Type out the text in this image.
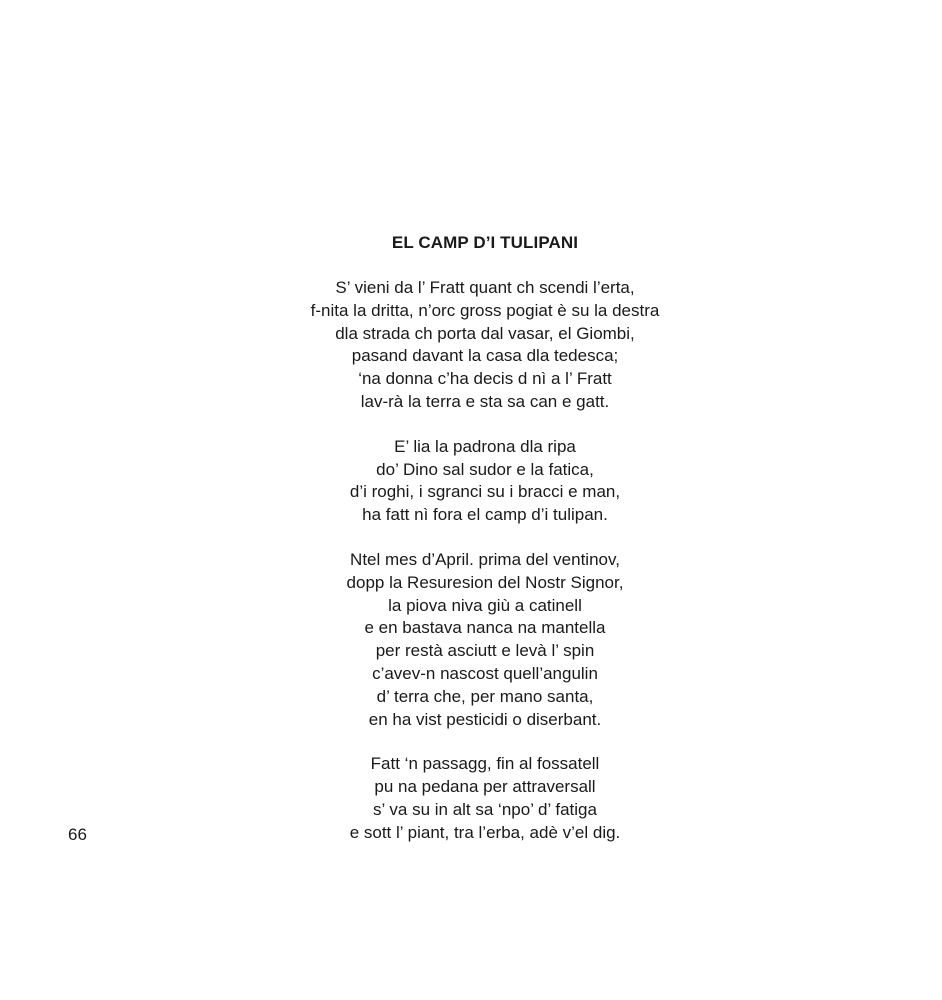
EL CAMP D’I TULIPANI
S’ vieni da l’ Fratt quant ch scendi l’erta,
f-nita la dritta, n’orc gross pogiat è su la destra
dla strada ch porta dal vasar, el Giombi,
pasand davant la casa dla tedesca;
‘na donna c’ha decis d nì a l’ Fratt
lav-rà la terra e sta sa can e gatt.
E’ lia la padrona dla ripa
do’ Dino sal sudor e la fatica,
d’i roghi, i sgranci su i bracci e man,
ha fatt nì fora el camp d’i tulipan.
Ntel mes d’April. prima del ventinov,
dopp la Resuresion del Nostr Signor,
la piova niva giù a catinell
e en bastava nanca na mantella
per restà asciutt e levà l’ spin
c’avev-n nascost quell’angulin
d’ terra che, per mano santa,
en ha vist pesticidi o diserbant.
Fatt ‘n passagg, fin al fossatell
pu na pedana per attraversall
s’ va su in alt sa ‘npo’ d’ fatiga
e sott l’ piant, tra l’erba, adè v’el dig.
66
